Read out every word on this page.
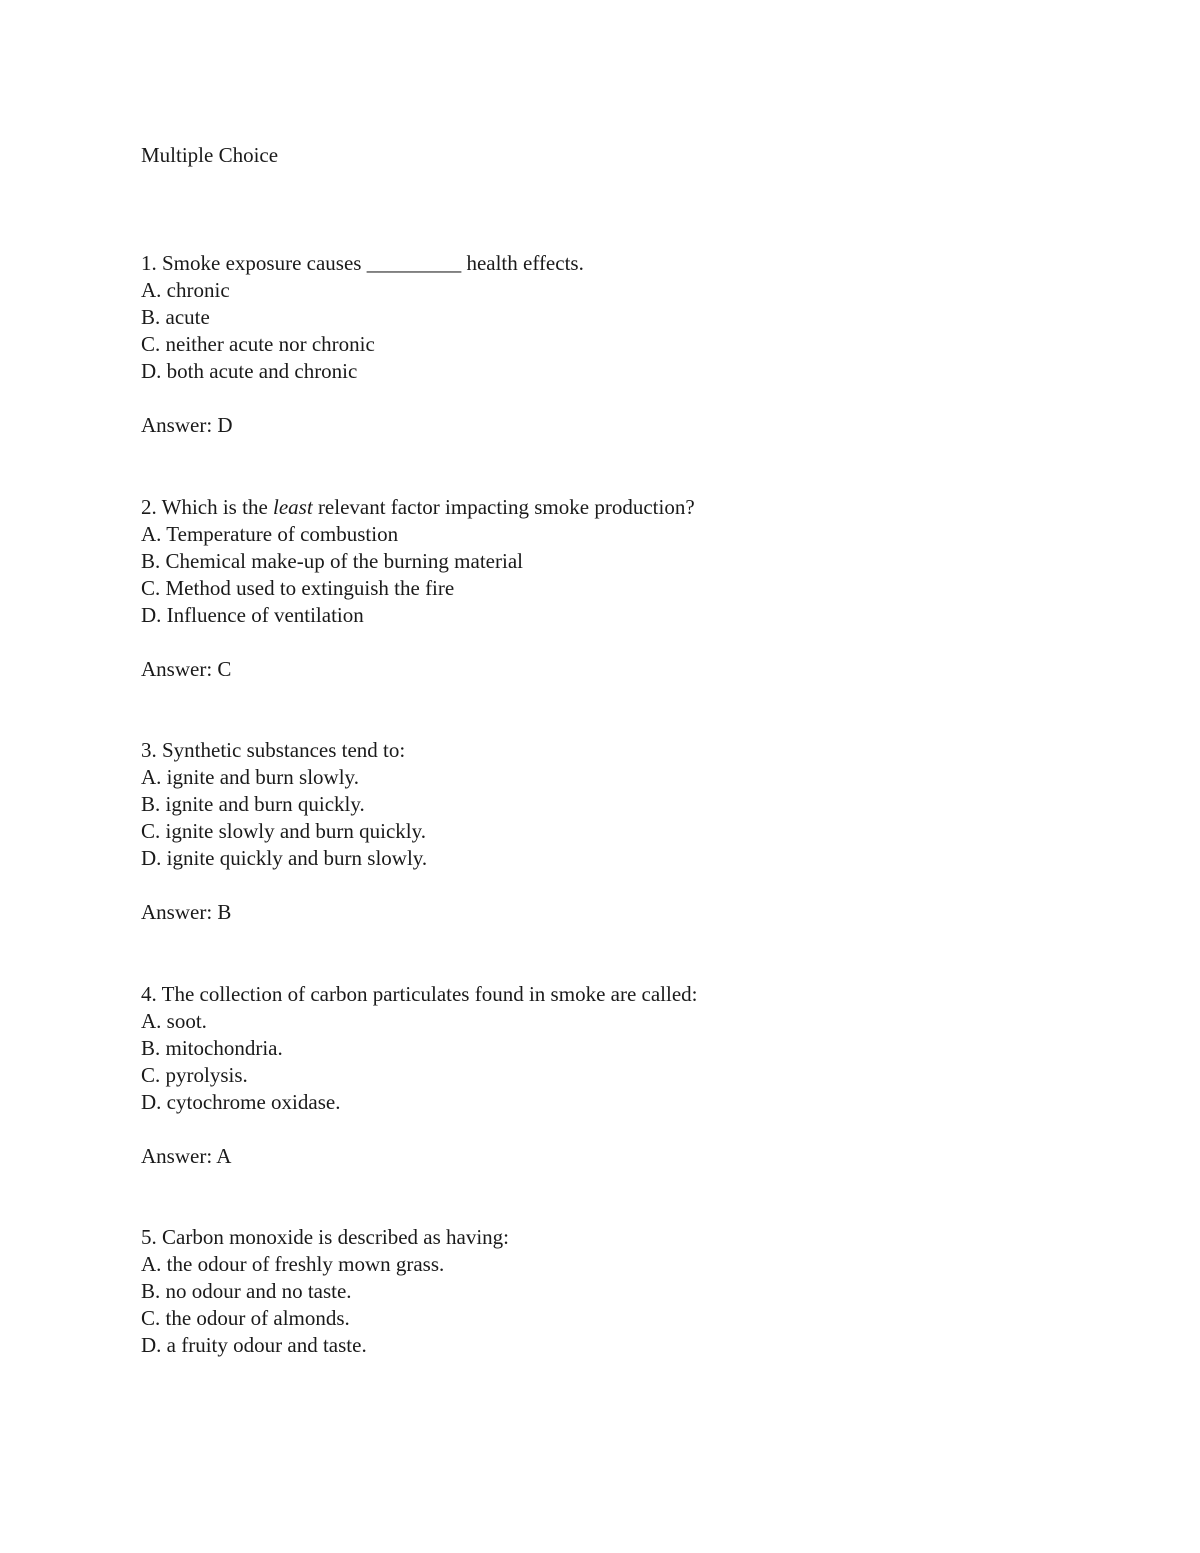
Multiple Choice
1. Smoke exposure causes _________ health effects.
A. chronic
B. acute
C. neither acute nor chronic
D. both acute and chronic
Answer: D
2. Which is the least relevant factor impacting smoke production?
A. Temperature of combustion
B. Chemical make-up of the burning material
C. Method used to extinguish the fire
D. Influence of ventilation
Answer: C
3. Synthetic substances tend to:
A. ignite and burn slowly.
B. ignite and burn quickly.
C. ignite slowly and burn quickly.
D. ignite quickly and burn slowly.
Answer: B
4. The collection of carbon particulates found in smoke are called:
A. soot.
B. mitochondria.
C. pyrolysis.
D. cytochrome oxidase.
Answer: A
5. Carbon monoxide is described as having:
A. the odour of freshly mown grass.
B. no odour and no taste.
C. the odour of almonds.
D. a fruity odour and taste.
